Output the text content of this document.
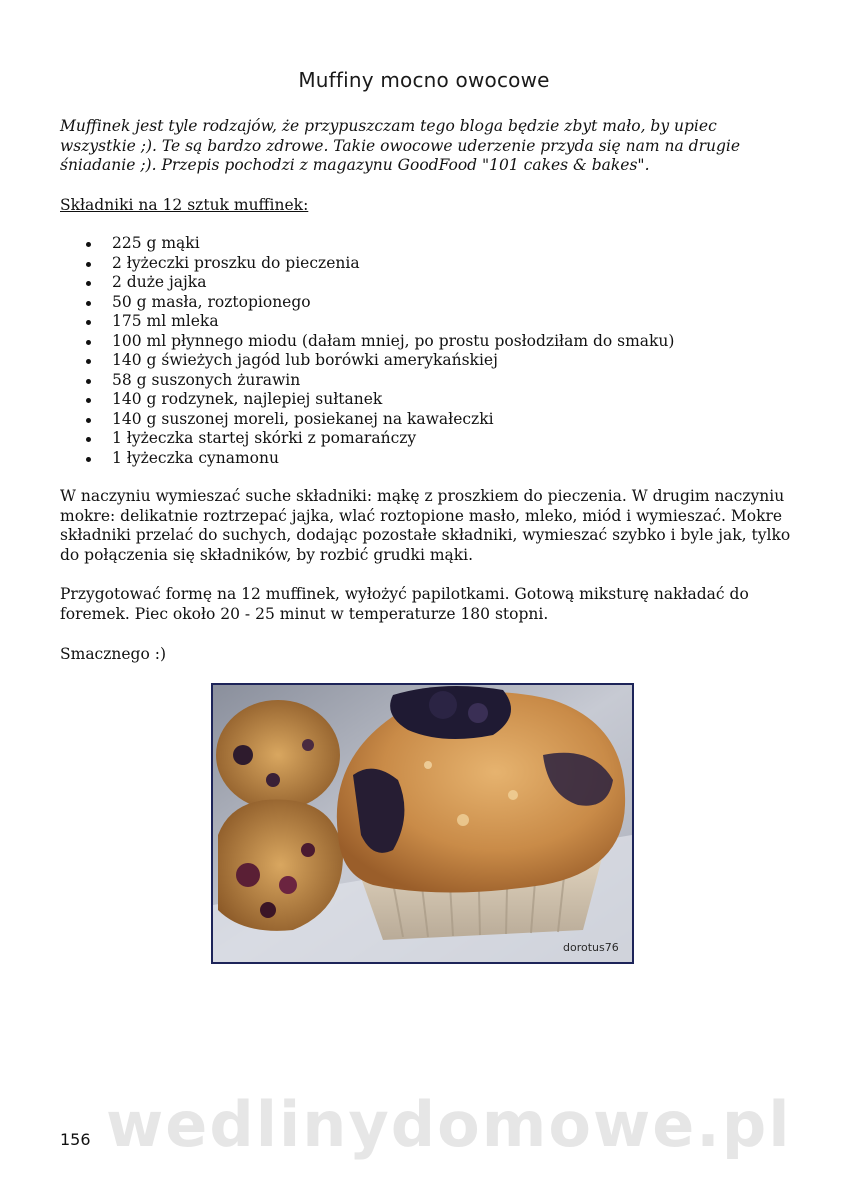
Muffiny mocno owocowe

Muffinek jest tyle rodzajów, że przypuszczam tego bloga będzie zbyt mało, by upiec wszystkie ;). Te są bardzo zdrowe. Takie owocowe uderzenie przyda się nam na drugie śniadanie ;). Przepis pochodzi z magazynu GoodFood "101 cakes & bakes".

Składniki na 12 sztuk muffinek:

225 g mąki
2 łyżeczki proszku do pieczenia
2 duże jajka
50 g masła, roztopionego
175 ml mleka
100 ml płynnego miodu (dałam mniej, po prostu posłodziłam do smaku)
140 g świeżych jagód lub borówki amerykańskiej
58 g suszonych żurawin
140 g rodzynek, najlepiej sułtanek
140 g suszonej moreli, posiekanej na kawałeczki
1 łyżeczka startej skórki z pomarańczy
1 łyżeczka cynamonu

W naczyniu wymieszać suche składniki: mąkę z proszkiem do pieczenia. W drugim naczyniu mokre: delikatnie roztrzepać jajka, wlać roztopione masło, mleko, miód i wymieszać. Mokre składniki przelać do suchych, dodając pozostałe składniki, wymieszać szybko i byle jak, tylko do połączenia się składników, by rozbić grudki mąki.

Przygotować formę na 12 muffinek, wyłożyć papilotkami. Gotową miksturę nakładać do foremek. Piec około 20 - 25 minut w temperaturze 180 stopni.

Smacznego :)

dorotus76

wedlinydomowe.pl

156
